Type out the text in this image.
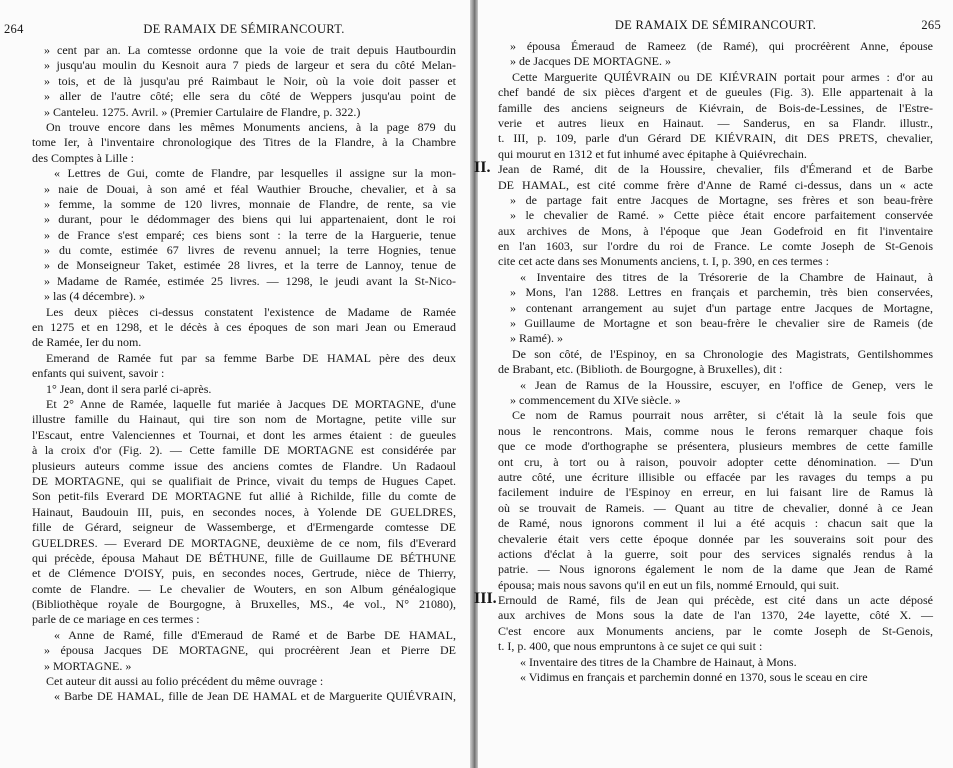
264	DE RAMAIX DE SÉMIRANCOURT.
» cent par an. La comtesse ordonne que la voie de trait depuis Hautbourdin
» jusqu'au moulin du Kesnoit aura 7 pieds de largeur et sera du côté Melan-
» tois, et de là jusqu'au pré Raimbaut le Noir, où la voie doit passer et
» aller de l'autre côté; elle sera du côté de Weppers jusqu'au point de
» Canteleu. 1275. Avril. » (Premier Cartulaire de Flandre, p. 322.)
On trouve encore dans les mêmes Monuments anciens, à la page 879 du
tome Ier, à l'inventaire chronologique des Titres de la Flandre, à la Chambre
des Comptes à Lille :
« Lettres de Gui, comte de Flandre, par lesquelles il assigne sur la mon-
» naie de Douai, à son amé et féal Wauthier Brouche, chevalier, et à sa
» femme, la somme de 120 livres, monnaie de Flandre, de rente, sa vie
» durant, pour le dédommager des biens qui lui appartenaient, dont le roi
» de France s'est emparé; ces biens sont : la terre de la Harguerie, tenue
» du comte, estimée 67 livres de revenu annuel; la terre Hognies, tenue
» de Monseigneur Taket, estimée 28 livres, et la terre de Lannoy, tenue de
» Madame de Ramée, estimée 25 livres. — 1298, le jeudi avant la St-Nico-
» las (4 décembre). »
Les deux pièces ci-dessus constatent l'existence de Madame de Ramée
en 1275 et en 1298, et le décès à ces époques de son mari Jean ou Emeraud
de Ramée, Ier du nom.
Emerand de Ramée fut par sa femme Barbe DE HAMAL père des deux
enfants qui suivent, savoir :
1° Jean, dont il sera parlé ci-après.
Et 2° Anne de Ramée, laquelle fut mariée à Jacques DE MORTAGNE, d'une
illustre famille du Hainaut, qui tire son nom de Mortagne, petite ville sur
l'Escaut, entre Valenciennes et Tournai, et dont les armes étaient : de gueules
à la croix d'or (Fig. 2). — Cette famille DE MORTAGNE est considérée par
plusieurs auteurs comme issue des anciens comtes de Flandre. Un Radaoul
DE MORTAGNE, qui se qualifiait de Prince, vivait du temps de Hugues Capet.
Son petit-fils Everard DE MORTAGNE fut allié à Richilde, fille du comte de
Hainaut, Baudouin III, puis, en secondes noces, à Yolende DE GUELDRES,
fille de Gérard, seigneur de Wassemberge, et d'Ermengarde comtesse DE
GUELDRES. — Everard DE MORTAGNE, deuxième de ce nom, fils d'Everard
qui précède, épousa Mahaut DE BÉTHUNE, fille de Guillaume DE BÉTHUNE
et de Clémence D'OISY, puis, en secondes noces, Gertrude, nièce de Thierry,
comte de Flandre. — Le chevalier de Wouters, en son Album généalogique
(Bibliothèque royale de Bourgogne, à Bruxelles, MS., 4e vol., N° 21080),
parle de ce mariage en ces termes :
« Anne de Ramé, fille d'Emeraud de Ramé et de Barbe DE HAMAL,
» épousa Jacques DE MORTAGNE, qui procréèrent Jean et Pierre DE
» MORTAGNE. »
Cet auteur dit aussi au folio précédent du même ouvrage :
« Barbe DE HAMAL, fille de Jean DE HAMAL et de Marguerite QUIÉVRAIN,
DE RAMAIX DE SÉMIRANCOURT.	265
» épousa Émeraud de Rameez (de Ramé), qui procréèrent Anne, épouse
» de Jacques DE MORTAGNE. »
Cette Marguerite QUIÉVRAIN ou DE KIÉVRAIN portait pour armes : d'or au
chef bandé de six pièces d'argent et de gueules (Fig. 3). Elle appartenait à la
famille des anciens seigneurs de Kiévrain, de Bois-de-Lessines, de l'Estre-
verie et autres lieux en Hainaut. — Sanderus, en sa Flandr. illustr.,
t. III, p. 109, parle d'un Gérard DE KIÉVRAIN, dit DES PRETS, chevalier,
qui mourut en 1312 et fut inhumé avec épitaphe à Quiévrechain.
II. Jean de Ramé, dit de la Houssire, chevalier, fils d'Émerand et de Barbe
DE HAMAL, est cité comme frère d'Anne de Ramé ci-dessus, dans un « acte
» de partage fait entre Jacques de Mortagne, ses frères et son beau-frère
» le chevalier de Ramé. » Cette pièce était encore parfaitement conservée
aux archives de Mons, à l'époque que Jean Godefroid en fit l'inventaire
en l'an 1603, sur l'ordre du roi de France. Le comte Joseph de St-Genois
cite cet acte dans ses Monuments anciens, t. I, p. 390, en ces termes :
« Inventaire des titres de la Trésorerie de la Chambre de Hainaut, à
» Mons, l'an 1288. Lettres en français et parchemin, très bien conservées,
» contenant arrangement au sujet d'un partage entre Jacques de Mortagne,
» Guillaume de Mortagne et son beau-frère le chevalier sire de Rameis (de
» Ramé). »
De son côté, de l'Espinoy, en sa Chronologie des Magistrats, Gentilshommes
de Brabant, etc. (Biblioth. de Bourgogne, à Bruxelles), dit :
« Jean de Ramus de la Houssire, escuyer, en l'office de Genep, vers le
» commencement du XIVe siècle. »
Ce nom de Ramus pourrait nous arrêter, si c'était là la seule fois que
nous le rencontrons. Mais, comme nous le ferons remarquer chaque fois
que ce mode d'orthographe se présentera, plusieurs membres de cette famille
ont cru, à tort ou à raison, pouvoir adopter cette dénomination. — D'un
autre côté, une écriture illisible ou effacée par les ravages du temps a pu
facilement induire de l'Espinoy en erreur, en lui faisant lire de Ramus là
où se trouvait de Rameis. — Quant au titre de chevalier, donné à ce Jean
de Ramé, nous ignorons comment il lui a été acquis : chacun sait que la
chevalerie était vers cette époque donnée par les souverains soit pour des
actions d'éclat à la guerre, soit pour des services signalés rendus à la
patrie. — Nous ignorons également le nom de la dame que Jean de Ramé
épousa; mais nous savons qu'il en eut un fils, nommé Ernould, qui suit.
III. Ernould de Ramé, fils de Jean qui précède, est cité dans un acte déposé
aux archives de Mons sous la date de l'an 1370, 24e layette, côté X. —
C'est encore aux Monuments anciens, par le comte Joseph de St-Genois,
t. I, p. 400, que nous empruntons à ce sujet ce qui suit :
« Inventaire des titres de la Chambre de Hainaut, à Mons.
« Vidimus en français et parchemin donné en 1370, sous le sceau en cire
